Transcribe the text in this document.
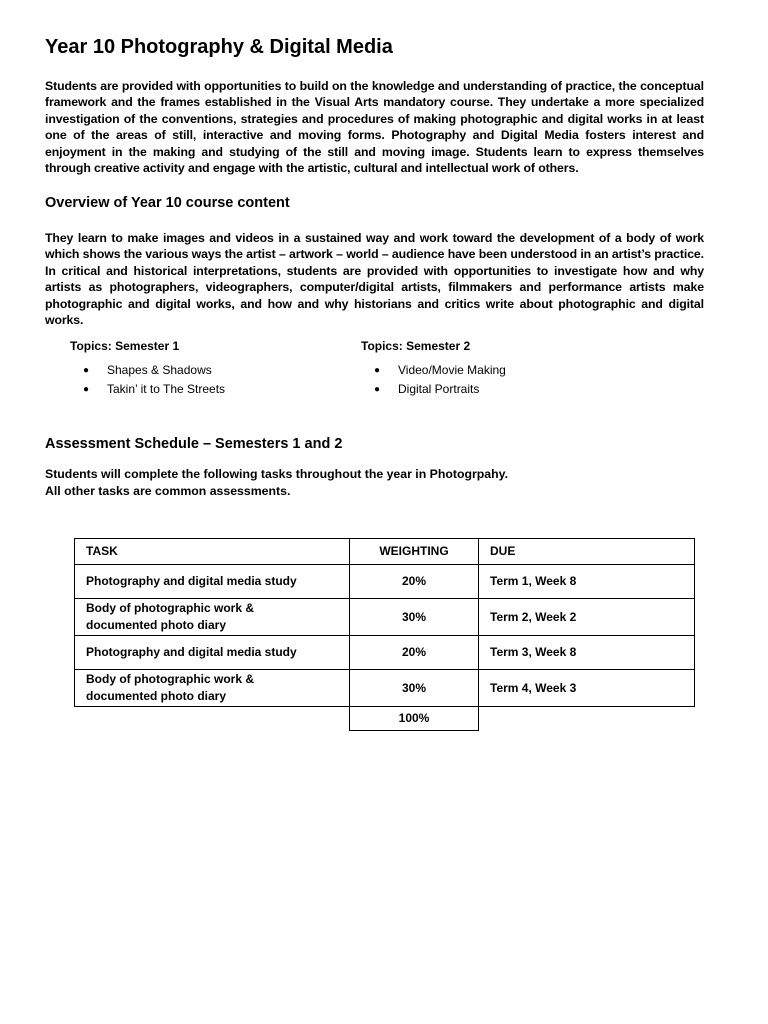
Year 10 Photography & Digital Media

Students are provided with opportunities to build on the knowledge and understanding of practice, the conceptual framework and the frames established in the Visual Arts mandatory course. They undertake a more specialized investigation of the conventions, strategies and procedures of making photographic and digital works in at least one of the areas of still, interactive and moving forms. Photography and Digital Media fosters interest and enjoyment in the making and studying of the still and moving image. Students learn to express themselves through creative activity and engage with the artistic, cultural and intellectual work of others.

Overview of Year 10 course content

They learn to make images and videos in a sustained way and work toward the development of a body of work which shows the various ways the artist – artwork – world – audience have been understood in an artist’s practice. In critical and historical interpretations, students are provided with opportunities to investigate how and why artists as photographers, videographers, computer/digital artists, filmmakers and performance artists make photographic and digital works, and how and why historians and critics write about photographic and digital works.

Topics: Semester 1
● Shapes & Shadows
● Takin’ it to The Streets
Topics: Semester 2
● Video/Movie Making
● Digital Portraits
Assessment Schedule – Semesters 1 and 2
Students will complete the following tasks throughout the year in Photogrpahy.
All other tasks are common assessments.
TASK	WEIGHTING	DUE
Photography and digital media study	20%	Term 1, Week 8

Body of photographic work &
documented photo diary	30%	Term 2, Week 2
Photography and digital media study	20%	Term 3, Week 8

Body of photographic work &
documented photo diary	30%	Term 4, Week 3
	100%	
